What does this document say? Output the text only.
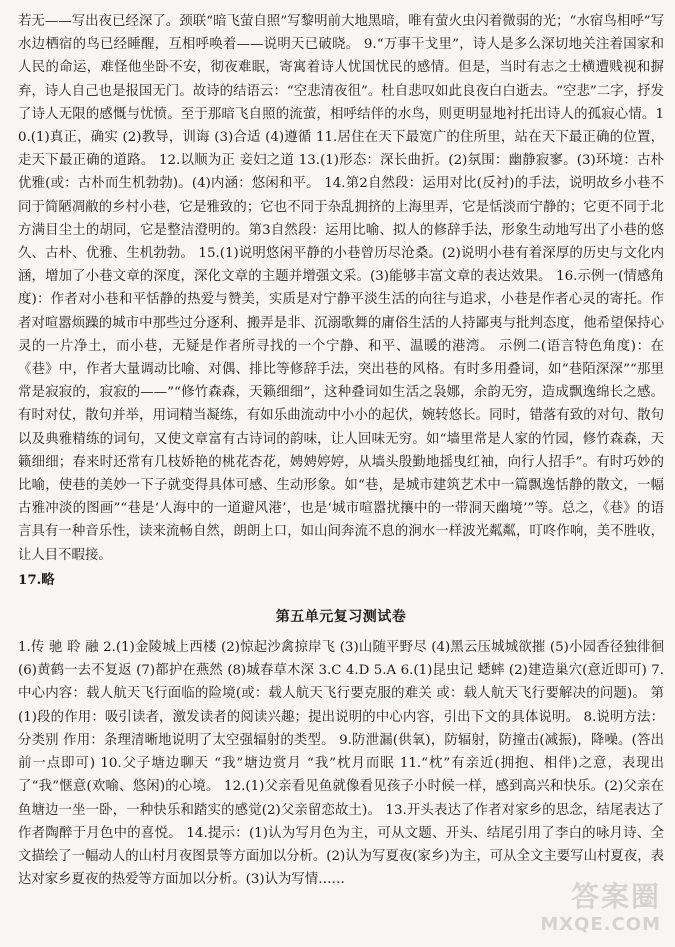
若无——写出夜已经深了。颈联“暗飞萤自照”写黎明前大地黑暗，唯有萤火虫闪着微弱的光；“水宿鸟相呼”写水边栖宿的鸟已经睡醒，互相呼唤着——说明天已破晓。 9.“万事干戈里”，诗人是多么深切地关注着国家和人民的命运，难怪他坐卧不安，彻夜难眠，寄寓着诗人忧国忧民的感情。但是，当时有志之士横遭贱视和摒弃，诗人自己也是报国无门。故诗的结语云：“空悲清夜徂”。杜自悲叹如此良夜白白逝去。“空悲”二字，抒发了诗人无限的感慨与忧愤。至于那暗飞自照的流萤，相呼结伴的水鸟，则更明显地衬托出诗人的孤寂心情。10.(1)真正，确实 (2)教导，训诲 (3)合适 (4)遵循 11.居住在天下最宽广的住所里，站在天下最正确的位置，走天下最正确的道路。 12.以顺为正 妾妇之道 13.(1)形态：深长曲折。(2)氛围：幽静寂寥。(3)环境：古朴优雅(或：古朴而生机勃勃)。(4)内涵：悠闲和平。 14.第2自然段：运用对比(反衬)的手法，说明故乡小巷不同于简陋凋敝的乡村小巷，它是雅致的；它也不同于杂乱拥挤的上海里弄，它是恬淡而宁静的；它更不同于北方满目尘土的胡同，它是整洁澄明的。第3自然段：运用比喻、拟人的修辞手法，形象生动地写出了小巷的悠久、古朴、优雅、生机勃勃。 15.(1)说明悠闲平静的小巷曾历尽沧桑。(2)说明小巷有着深厚的历史与文化内涵，增加了小巷文章的深度，深化文章的主题并增强文采。(3)能够丰富文章的表达效果。 16.示例一(情感角度)：作者对小巷和平恬静的热爱与赞美，实质是对宁静平淡生活的向往与追求，小巷是作者心灵的寄托。作者对喧嚣烦躁的城市中那些过分逐利、搬弄是非、沉溺歌舞的庸俗生活的人持鄙夷与批判态度，他希望保持心灵的一片净土，而小巷，无疑是作者所寻找的一个宁静、和平、温暖的港湾。 示例二(语言特色角度)：在《巷》中，作者大量调动比喻、对偶、排比等修辞手法，突出巷的风格。有时多用叠词，如“巷陌深深”“那里常是寂寂的，寂寂的——”“修竹森森，天籁细细”，这种叠词如生活之袅娜，余韵无穷，造成飘逸绵长之感。有时对仗，散句并举，用词精当凝练，有如乐曲流动中小小的起伏，婉转悠长。同时，错落有致的对句、散句以及典雅精练的词句，又使文章富有古诗词的韵味，让人回味无穷。如“墙里常是人家的竹园，修竹森森，天籁细细；春来时还常有几枝娇艳的桃花杏花，娉娉婷婷，从墙头殷勤地摇曳红袖，向行人招手”。有时巧妙的比喻，使巷的美妙一下子就变得具体可感、生动形象。如“巷，是城市建筑艺术中一篇飘逸恬静的散文，一幅古雅冲淡的图画”“巷是‘人海中的一道避风港’，也是‘城市喧嚣扰攘中的一带洞天幽境’”等。总之，《巷》的语言具有一种音乐性，读来流畅自然，朗朗上口，如山间奔流不息的涧水一样波光粼粼，叮咚作响，美不胜收，让人目不暇接。

17.略

第五单元复习测试卷

1.传 驰 聆 融 2.(1)金陵城上西楼 (2)惊起沙禽掠岸飞 (3)山随平野尽 (4)黑云压城城欲摧 (5)小园香径独徘徊 (6)黄鹤一去不复返 (7)都护在燕然 (8)城春草木深 3.C 4.D 5.A 6.(1)昆虫记 蟋蟀 (2)建造巢穴(意近即可) 7.中心内容：载人航天飞行面临的险境(或：载人航天飞行要克服的难关 或：载人航天飞行要解决的问题)。 第(1)段的作用：吸引读者，激发读者的阅读兴趣；提出说明的中心内容，引出下文的具体说明。 8.说明方法：分类别 作用：条理清晰地说明了太空强辐射的类型。 9.防泄漏(供氧)，防辐射，防撞击(减振)，降噪。(答出前一点即可) 10.父子塘边聊天 “我”塘边赏月 “我”枕月而眠 11.“枕”有亲近(拥抱、相伴)之意，表现出了“我”惬意(欢喻、悠闲)的心境。 12.(1)父亲看见鱼就像看见孩子小时候一样，感到高兴和快乐。(2)父亲在鱼塘边一坐一卧，一种快乐和踏实的感觉(2)父亲留恋故土)。 13.开头表达了作者对家乡的思念，结尾表达了作者陶醉于月色中的喜悦。 14.提示：(1)认为写月色为主，可从文题、开头、结尾引用了李白的咏月诗、全文描绘了一幅动人的山村月夜图景等方面加以分析。(2)认为写夏夜(家乡)为主，可从全文主要写山村夏夜，表达对家乡夏夜的热爱等方面加以分析。(3)认为写情……

答案圈
MXQE.COM
